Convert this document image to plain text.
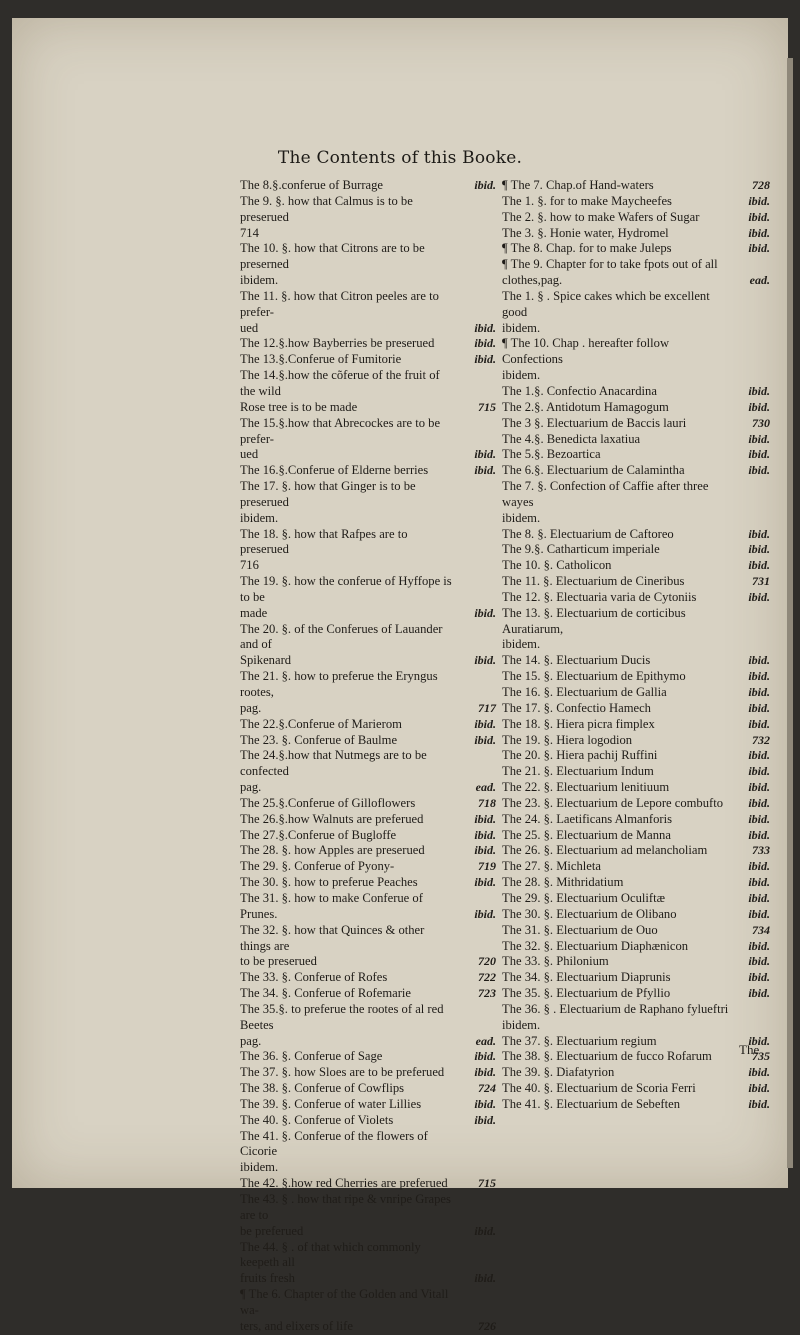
The Contents of this Booke.
The 8.§.conferue of Burrage	ibid.
The 9. §. how that Calmus is to be preserued
714
The 10. §. how that Citrons are to be preserned
ibidem.
The 11. §. how that Citron peeles are to prefer-
ued	ibid.
The 12.§.how Bayberries be preserued	ibid.
The 13.§.Conferue of Fumitorie	ibid.
The 14.§.how the cõferue of the fruit of the wild
Rose tree is to be made	715
The 15.§.how that Abrecockes are to be prefer-
ued	ibid.
The 16.§.Conferue of Elderne berries	ibid.
The 17. §. how that Ginger is to be preserued
ibidem.
The 18. §. how that Rafpes are to preserued
716
The 19. §. how the conferue of Hyffope is to be
made	ibid.
The 20. §. of the Conferues of Lauander and of
Spikenard	ibid.
The 21. §. how to preferue the Eryngus rootes,
pag.	717
The 22.§.Conferue of Marierom	ibid.
The 23. §. Conferue of Baulme	ibid.
The 24.§.how that Nutmegs are to be confected
pag.	ead.
The 25.§.Conferue of Gilloflowers	718
The 26.§.how Walnuts are preferued	ibid.
The 27.§.Conferue of Bugloffe	ibid.
The 28. §. how Apples are preserued	ibid.
The 29. §. Conferue of Pyony-	719
The 30. §. how to preferue Peaches	ibid.
The 31. §. how to make Conferue of Prunes.	ibid.
The 32. §. how that Quinces & other things are
to be preserued	720
The 33. §. Conferue of Rofes	722
The 34. §. Conferue of Rofemarie	723
The 35.§. to preferue the rootes of al red Beetes
pag.	ead.
The 36. §. Conferue of Sage	ibid.
The 37. §. how Sloes are to be preferued	ibid.
The 38. §. Conferue of Cowflips	724
The 39. §. Conferue of water Lillies	ibid.
The 40. §. Conferue of Violets	ibid.
The 41. §. Conferue of the flowers of Cicorie
ibidem.
The 42. §.how red Cherries are preferued	715
The 43. § . how that ripe & vnripe Grapes are to
be preferued	ibid.
The 44. § . of that which commonly keepeth all
fruits fresh	ibid.
¶ The 6. Chapter of the Golden and Vitall wa-
ters, and elixers of life	726
¶ The 7. Chap.of Hand-waters	728
The 1. §. for to make Maycheefes	ibid.
The 2. §. how to make Wafers of Sugar	ibid.
The 3. §. Honie water, Hydromel	ibid.
¶ The 8. Chap. for to make Juleps	ibid.
¶ The 9. Chapter for to take fpots out of all
clothes,pag.	ead.
The 1. § . Spice cakes which be excellent good
ibidem.
¶ The 10. Chap . hereafter follow Confections
ibidem.
The 1.§. Confectio Anacardina	ibid.
The 2.§. Antidotum Hamagogum	ibid.
The 3 §. Electuarium de Baccis lauri	730
The 4.§. Benedicta laxatiua	ibid.
The 5.§. Bezoartica	ibid.
The 6.§. Electuarium de Calamintha	ibid.
The 7. §. Confection of Caffie after three wayes
ibidem.
The 8. §. Electuarium de Caftoreo	ibid.
The 9.§. Catharticum imperiale	ibid.
The 10. §. Catholicon	ibid.
The 11. §. Electuarium de Cineribus	731
The 12. §. Electuaria varia de Cytoniis	ibid.
The 13. §. Electuarium de corticibus Auratiarum,
ibidem.
The 14. §. Electuarium Ducis	ibid.
The 15. §. Electuarium de Epithymo	ibid.
The 16. §. Electuarium de Gallia	ibid.
The 17. §. Confectio Hamech	ibid.
The 18. §. Hiera picra fimplex	ibid.
The 19. §. Hiera logodion	732
The 20. §. Hiera pachij Ruffini	ibid.
The 21. §. Electuarium Indum	ibid.
The 22. §. Electuarium lenitiuum	ibid.
The 23. §. Electuarium de Lepore combufto	ibid.
The 24. §. Laetificans Almanforis	ibid.
The 25. §. Electuarium de Manna	ibid.
The 26. §. Electuarium ad melancholiam	733
The 27. §. Michleta	ibid.
The 28. §. Mithridatium	ibid.
The 29. §. Electuarium Oculiftæ	ibid.
The 30. §. Electuarium de Olibano	ibid.
The 31. §. Electuarium de Ouo	734
The 32. §. Electuarium Diaphænicon	ibid.
The 33. §. Philonium	ibid.
The 34. §. Electuarium Diaprunis	ibid.
The 35. §. Electuarium de Pfyllio	ibid.
The 36. § . Electuarium de Raphano fylueftri
ibidem.
The 37. §. Electuarium regium	ibid.
The 38. §. Electuarium de fucco Rofarum	735
The 39. §. Diafatyrion	ibid.
The 40. §. Electuarium de Scoria Ferri	ibid.
The 41. §. Electuarium de Sebeften	ibid.
The
